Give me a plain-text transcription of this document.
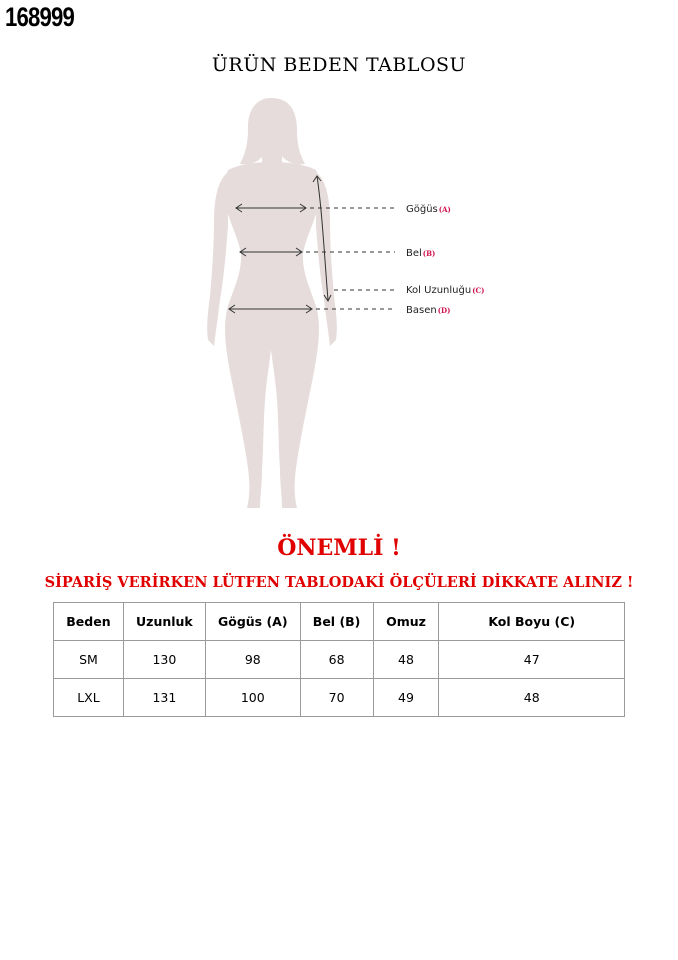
168999
ÜRÜN BEDEN TABLOSU
Göğüs(A)
Bel(B)
Kol Uzunluğu(C)
Basen(D)
ÖNEMLİ !
SİPARİŞ VERİRKEN LÜTFEN TABLODAKİ ÖLÇÜLERİ DİKKATE ALINIZ !
Beden	Uzunluk	Gögüs (A)	Bel (B)	Omuz	Kol Boyu (C)
SM	130	98	68	48	47
LXL	131	100	70	49	48
